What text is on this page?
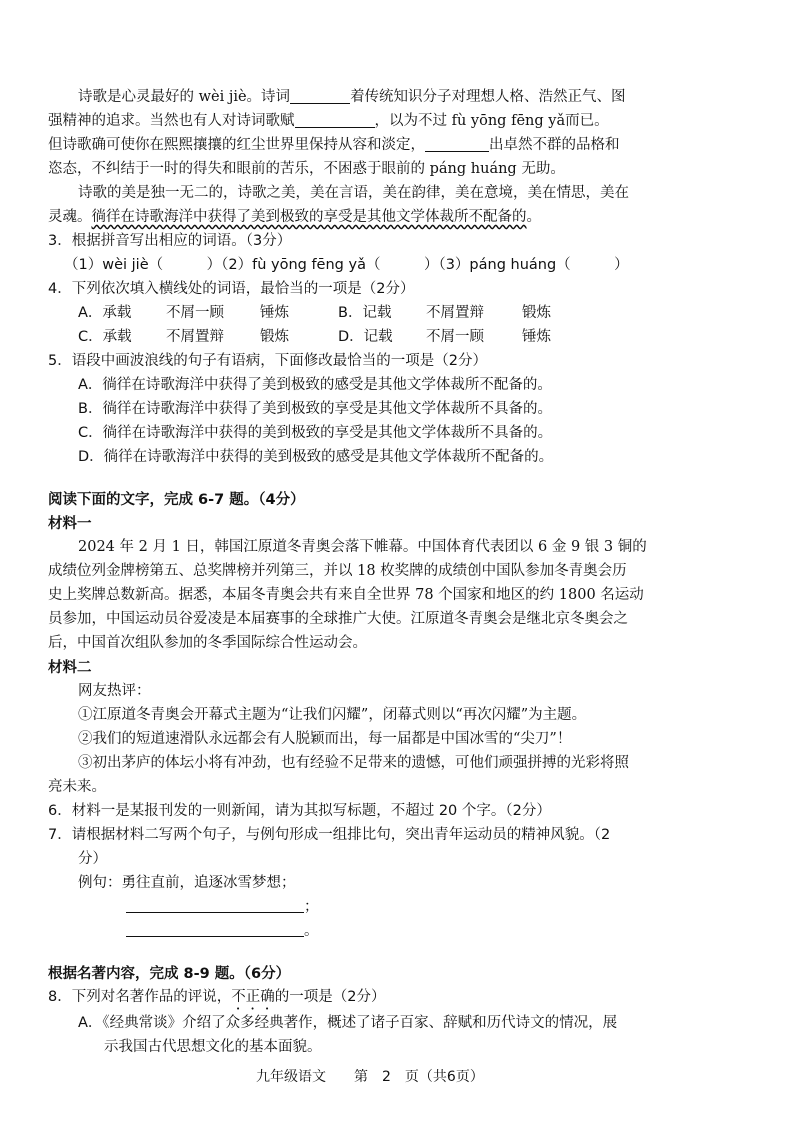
诗歌是心灵最好的 wèi jiè。诗词	着传统知识分子对理想人格、浩然正气、图
强精神的追求。当然也有人对诗词歌赋	，以为不过 fù yōng fēng yǎ而已。
但诗歌确可使你在熙熙攘攘的红尘世界里保持从容和淡定，	出卓然不群的品格和
恣态，不纠结于一时的得失和眼前的苦乐，不困惑于眼前的 páng huáng 无助。
诗歌的美是独一无二的，诗歌之美，美在言语，美在韵律，美在意境，美在情思，美在
灵魂。徜徉在诗歌海洋中获得了美到极致的享受是其他文学体裁所不配备的。
3．根据拼音写出相应的词语。（3分）
（1）wèi jiè（　　　）（2）fù yōng fēng yǎ（　　　）（3）páng huáng（　　　）
4．下列依次填入横线处的词语，最恰当的一项是（2分）
A．承载 不屑一顾 锤炼	B．记载 不屑置辩	锻炼
C．承载 不屑置辩 锻炼	D．记载 不屑一顾	锤炼
5．语段中画波浪线的句子有语病，下面修改最恰当的一项是（2分）
A．徜徉在诗歌海洋中获得了美到极致的感受是其他文学体裁所不配备的。
B．徜徉在诗歌海洋中获得了美到极致的享受是其他文学体裁所不具备的。
C．徜徉在诗歌海洋中获得的美到极致的享受是其他文学体裁所不具备的。
D．徜徉在诗歌海洋中获得的美到极致的感受是其他文学体裁所不配备的。
阅读下面的文字，完成 6-7 题。（4分）
材料一
2024 年 2 月 1 日，韩国江原道冬青奥会落下帷幕。中国体育代表团以 6 金 9 银 3 铜的
成绩位列金牌榜第五、总奖牌榜并列第三，并以 18 枚奖牌的成绩创中国队参加冬青奥会历
史上奖牌总数新高。据悉，本届冬青奥会共有来自全世界 78 个国家和地区的约 1800 名运动
员参加，中国运动员谷爱凌是本届赛事的全球推广大使。江原道冬青奥会是继北京冬奥会之
后，中国首次组队参加的冬季国际综合性运动会。
材料二
网友热评：
①江原道冬青奥会开幕式主题为“让我们闪耀”，闭幕式则以“再次闪耀”为主题。
②我们的短道速滑队永远都会有人脱颖而出，每一届都是中国冰雪的“尖刀”！
③初出茅庐的体坛小将有冲劲，也有经验不足带来的遗憾，可他们顽强拼搏的光彩将照
亮未来。
6．材料一是某报刊发的一则新闻，请为其拟写标题，不超过 20 个字。（2分）
7．请根据材料二写两个句子，与例句形成一组排比句，突出青年运动员的精神风貌。（2
分）
例句：勇往直前，追逐冰雪梦想；
；
。
根据名著内容，完成 8-9 题。（6分）
8．下列对名著作品的评说，不正确的一项是（2分）
A．《经典常谈》介绍了众多经典著作，概述了诸子百家、辞赋和历代诗文的情况，展
示我国古代思想文化的基本面貌。
九年级语文　　第　2　页（共6页）
